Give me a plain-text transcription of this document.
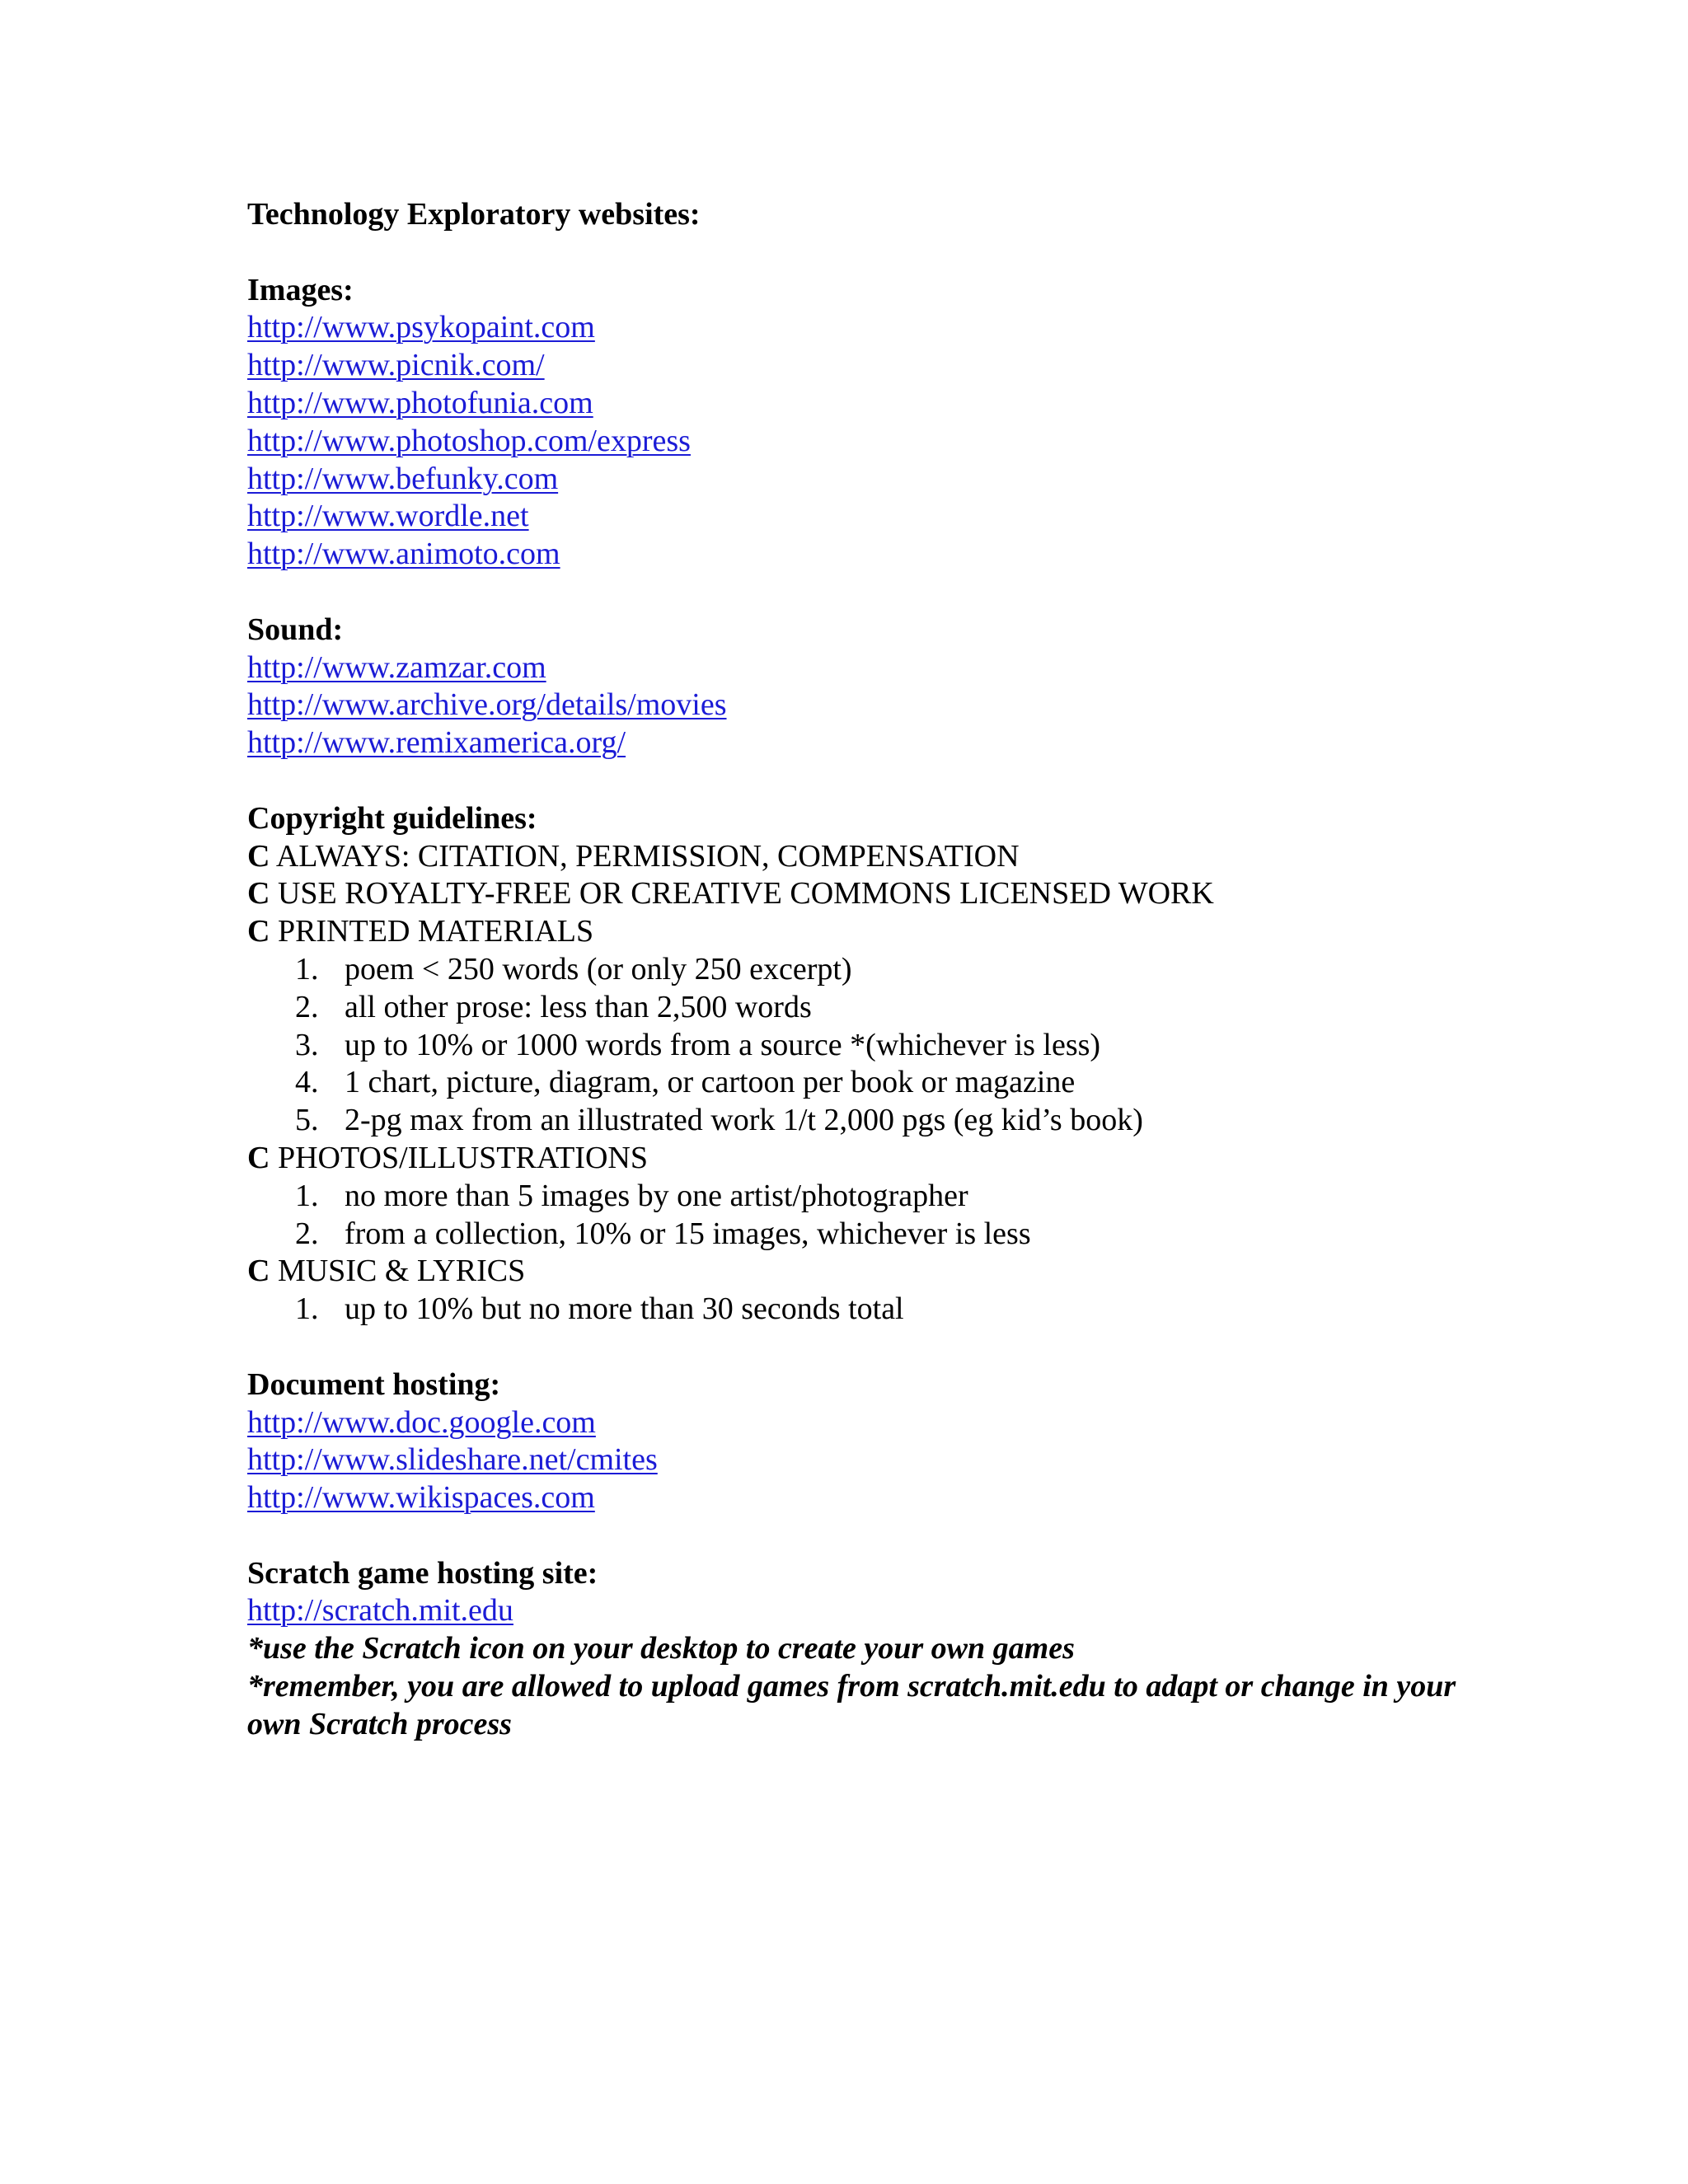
Technology Exploratory websites:
Images:
http://www.psykopaint.com
http://www.picnik.com/
http://www.photofunia.com
http://www.photoshop.com/express
http://www.befunky.com
http://www.wordle.net
http://www.animoto.com
Sound:
http://www.zamzar.com
http://www.archive.org/details/movies
http://www.remixamerica.org/
Copyright guidelines:
C ALWAYS: CITATION, PERMISSION, COMPENSATION
C USE ROYALTY-FREE OR CREATIVE COMMONS LICENSED WORK
C PRINTED MATERIALS
1. poem < 250 words (or only 250 excerpt)
2. all other prose: less than 2,500 words
3. up to 10% or 1000 words from a source *(whichever is less)
4. 1 chart, picture, diagram, or cartoon per book or magazine
5. 2-pg max from an illustrated work 1/t 2,000 pgs (eg kid’s book)
C PHOTOS/ILLUSTRATIONS
1. no more than 5 images by one artist/photographer
2. from a collection, 10% or 15 images, whichever is less
C MUSIC & LYRICS
1. up to 10% but no more than 30 seconds total
Document hosting:
http://www.doc.google.com
http://www.slideshare.net/cmites
http://www.wikispaces.com
Scratch game hosting site:
http://scratch.mit.edu
*use the Scratch icon on your desktop to create your own games
*remember, you are allowed to upload games from scratch.mit.edu to adapt or change in your own Scratch process
